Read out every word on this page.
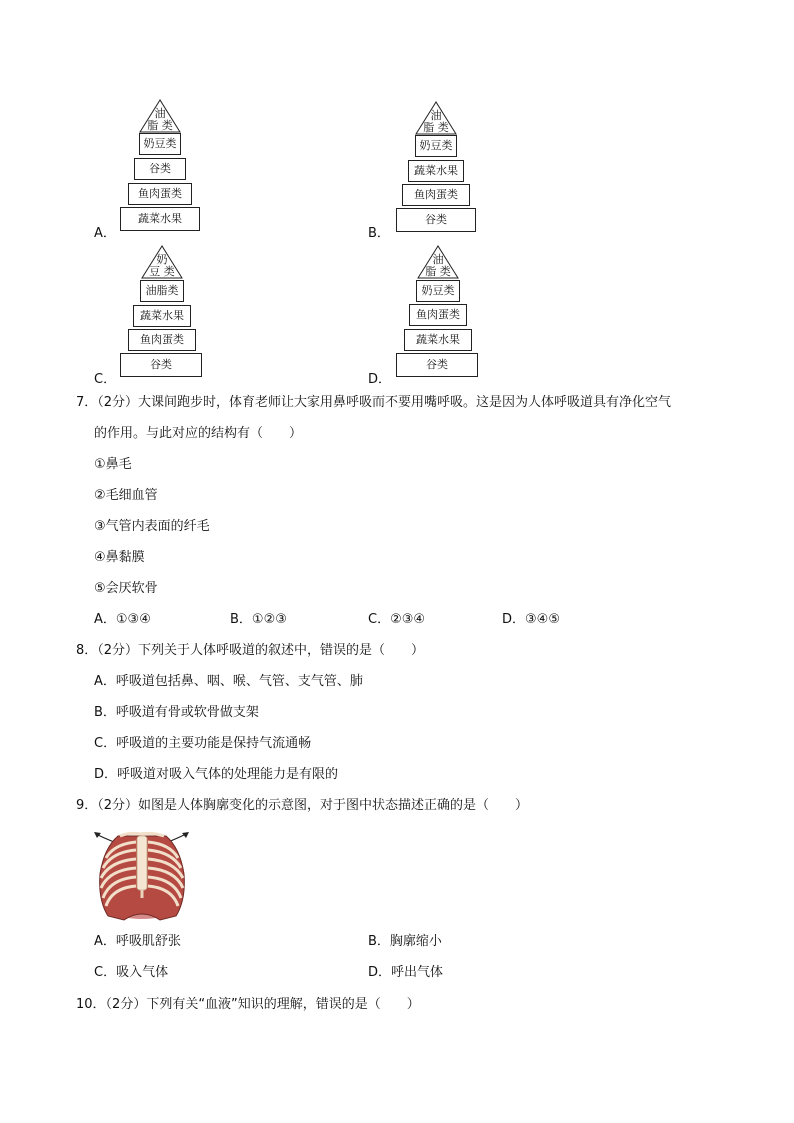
油
脂 类
奶豆类
谷类
鱼肉蛋类
蔬菜水果
A．
油
脂 类
奶豆类
蔬菜水果
鱼肉蛋类
谷类
B．
奶
豆 类
油脂类
蔬菜水果
鱼肉蛋类
谷类
C．
油
脂 类
奶豆类
鱼肉蛋类
蔬菜水果
谷类
D．
7．（2分）大课间跑步时，体育老师让大家用鼻呼吸而不要用嘴呼吸。这是因为人体呼吸道具有净化空气
的作用。与此对应的结构有（　　）
①鼻毛
②毛细血管
③气管内表面的纤毛
④鼻黏膜
⑤会厌软骨
A．①③④	B．①②③	C．②③④	D．③④⑤
8．（2分）下列关于人体呼吸道的叙述中，错误的是（　　）
A．呼吸道包括鼻、咽、喉、气管、支气管、肺
B．呼吸道有骨或软骨做支架
C．呼吸道的主要功能是保持气流通畅
D．呼吸道对吸入气体的处理能力是有限的
9．（2分）如图是人体胸廓变化的示意图，对于图中状态描述正确的是（　　）
A．呼吸肌舒张	B．胸廓缩小
C．吸入气体	D．呼出气体
10．（2分）下列有关“血液”知识的理解，错误的是（　　）
